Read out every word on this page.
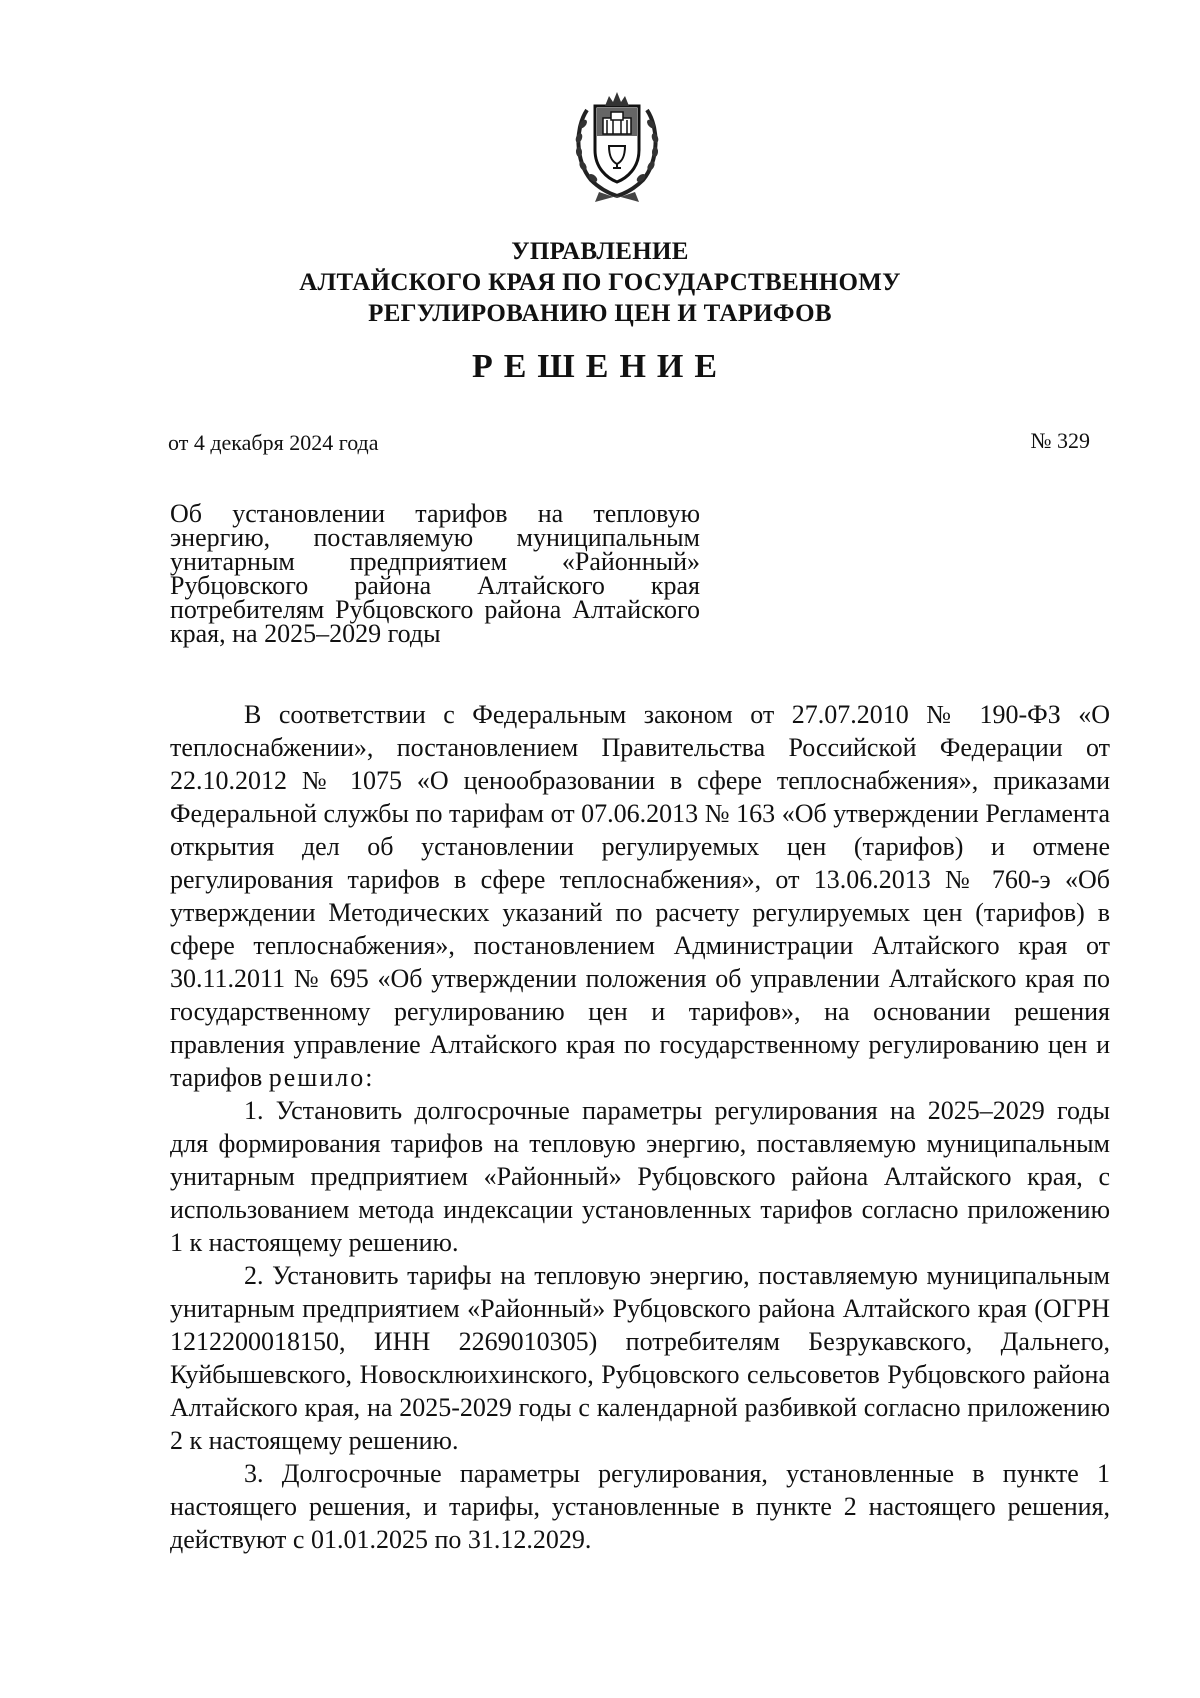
УПРАВЛЕНИЕ
АЛТАЙСКОГО КРАЯ ПО ГОСУДАРСТВЕННОМУ
РЕГУЛИРОВАНИЮ ЦЕН И ТАРИФОВ
РЕШЕНИЕ
от 4 декабря 2024 года	№ 329
Об установлении тарифов на тепловую энергию, поставляемую муниципальным унитарным предприятием «Районный» Рубцовского района Алтайского края потребителям Рубцовского района Алтайского края, на 2025–2029 годы

В соответствии с Федеральным законом от 27.07.2010 № 190-ФЗ «О теплоснабжении», постановлением Правительства Российской Федерации от 22.10.2012 № 1075 «О ценообразовании в сфере теплоснабжения», приказами Федеральной службы по тарифам от 07.06.2013 № 163 «Об утверждении Регламента открытия дел об установлении регулируемых цен (тарифов) и отмене регулирования тарифов в сфере теплоснабжения», от 13.06.2013 № 760-э «Об утверждении Методических указаний по расчету регулируемых цен (тарифов) в сфере теплоснабжения», постановлением Администрации Алтайского края от 30.11.2011 № 695 «Об утверждении положения об управлении Алтайского края по государственному регулированию цен и тарифов», на основании решения правления управление Алтайского края по государственному регулированию цен и тарифов решило:

1. Установить долгосрочные параметры регулирования на 2025–2029 годы для формирования тарифов на тепловую энергию, поставляемую муниципальным унитарным предприятием «Районный» Рубцовского района Алтайского края, с использованием метода индексации установленных тарифов согласно приложению 1 к настоящему решению.

2. Установить тарифы на тепловую энергию, поставляемую муниципальным унитарным предприятием «Районный» Рубцовского района Алтайского края (ОГРН 1212200018150, ИНН 2269010305) потребителям Безрукавского, Дальнего, Куйбышевского, Новосклюихинского, Рубцовского сельсоветов Рубцовского района Алтайского края, на 2025-2029 годы с календарной разбивкой согласно приложению 2 к настоящему решению.

3. Долгосрочные параметры регулирования, установленные в пункте 1 настоящего решения, и тарифы, установленные в пункте 2 настоящего решения, действуют с 01.01.2025 по 31.12.2029.
